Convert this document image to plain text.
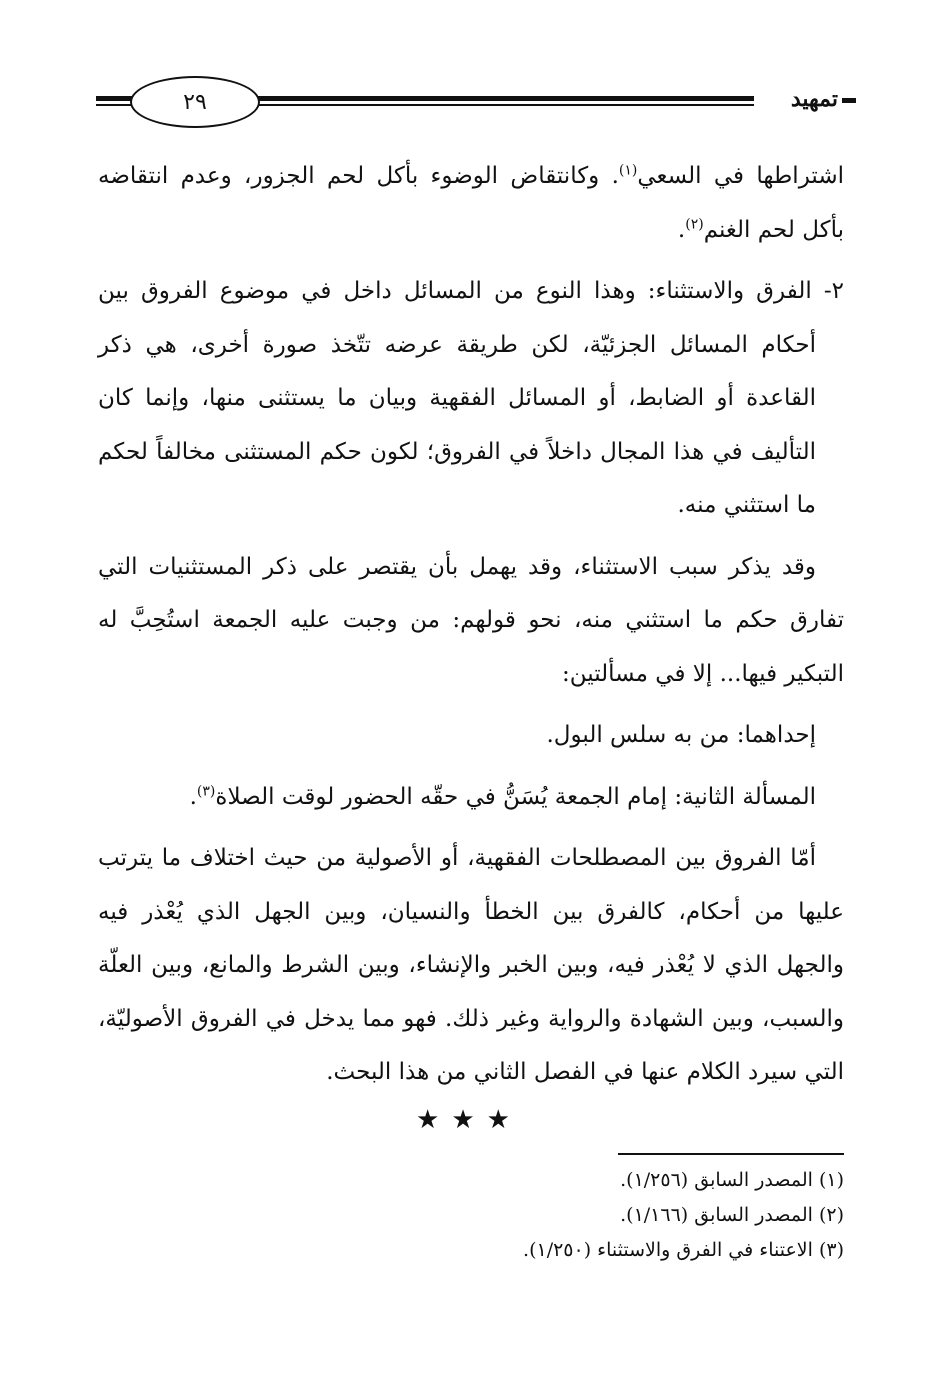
٢٩	تمهيد

اشتراطها في السعي$^{(١)}$. وكانتقاض الوضوء بأكل لحم الجزور، وعدم انتقاضه بأكل لحم الغنم$^{(٢)}$.

٢- الفرق والاستثناء: وهذا النوع من المسائل داخل في موضوع الفروق بين أحكام المسائل الجزئيّة، لكن طريقة عرضه تتّخذ صورة أخرى، هي ذكر القاعدة أو الضابط، أو المسائل الفقهية وبيان ما يستثنى منها، وإنما كان التأليف في هذا المجال داخلاً في الفروق؛ لكون حكم المستثنى مخالفاً لحكم ما استثني منه.

وقد يذكر سبب الاستثناء، وقد يهمل بأن يقتصر على ذكر المستثنيات التي تفارق حكم ما استثني منه، نحو قولهم: من وجبت عليه الجمعة استُحِبَّ له التبكير فيها... إلا في مسألتين:

إحداهما: من به سلس البول.

المسألة الثانية: إمام الجمعة يُسَنُّ في حقّه الحضور لوقت الصلاة$^{(٣)}$.

أمّا الفروق بين المصطلحات الفقهية، أو الأصولية من حيث اختلاف ما يترتب عليها من أحكام، كالفرق بين الخطأ والنسيان، وبين الجهل الذي يُعْذر فيه والجهل الذي لا يُعْذر فيه، وبين الخبر والإنشاء، وبين الشرط والمانع، وبين العلّة والسبب، وبين الشهادة والرواية وغير ذلك. فهو مما يدخل في الفروق الأصوليّة، التي سيرد الكلام عنها في الفصل الثاني من هذا البحث.

★★★
(١) المصدر السابق (١/٢٥٦).
(٢) المصدر السابق (١/١٦٦).
(٣) الاعتناء في الفرق والاستثناء (١/٢٥٠).
